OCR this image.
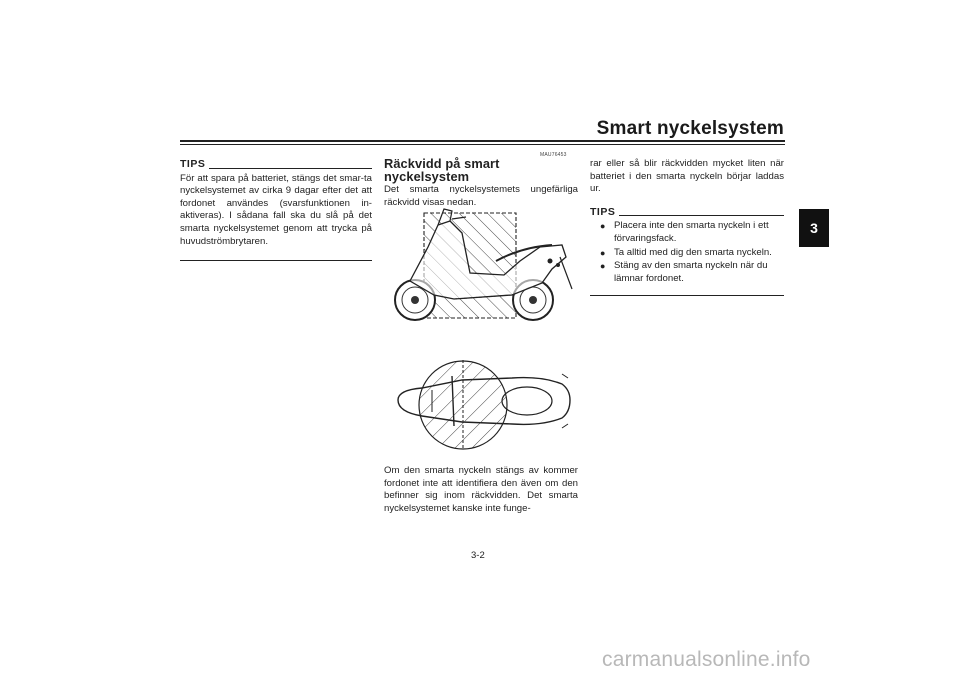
Smart nyckelsystem
3
TIPS

För att spara på batteriet, stängs det smar-ta nyckelsystemet av cirka 9 dagar efter det att fordonet användes (svarsfunktionen in-aktiveras). I sådana fall ska du slå på det smarta nyckelsystemet genom att trycka på huvudströmbrytaren.

MAU76453
Räckvidd på smart nyckelsystem

Det smarta nyckelsystemets ungefärliga räckvidd visas nedan.

Om den smarta nyckeln stängs av kommer fordonet inte att identifiera den även om den befinner sig inom räckvidden. Det smarta nyckelsystemet kanske inte funge-

rar eller så blir räckvidden mycket liten när batteriet i den smarta nyckeln börjar laddas ur.

TIPS
● Placera inte den smarta nyckeln i ett förvaringsfack.
● Ta alltid med dig den smarta nyckeln.
● Stäng av den smarta nyckeln när du lämnar fordonet.
3-2
carmanualsonline.info
